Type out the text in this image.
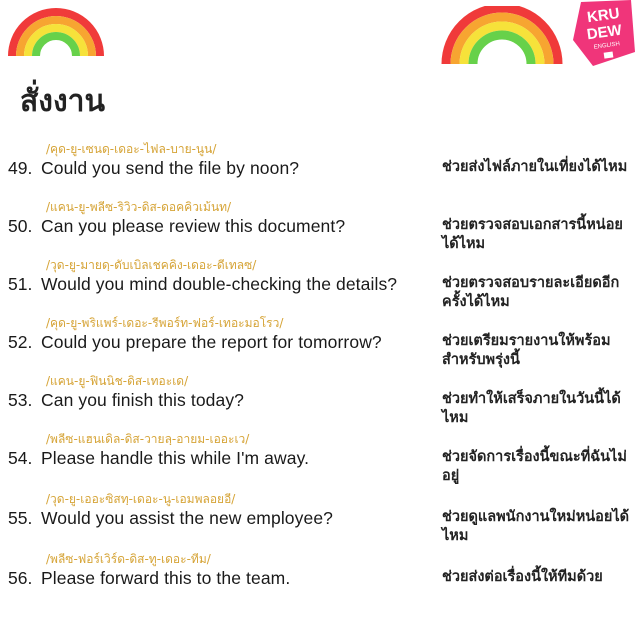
KRU
DEW
ENGLISH
สั่งงาน
/คุด-ยู-เซนดฺ-เดอะ-ไฟล-บาย-นูน/
49. Could you send the file by noon?	ช่วยส่งไฟล์ภายในเที่ยงได้ไหม
/แคน-ยู-พลีซ-ริวิว-ดิส-ดอคคิวเม้นท/
50. Can you please review this document?	ช่วยตรวจสอบเอกสารนี้หน่อยได้ไหม
/วุด-ยู-มายดฺ-ดับเบิลเชคคิง-เดอะ-ดีเทลซ/
51. Would you mind double-checking the details?	ช่วยตรวจสอบรายละเอียดอีกครั้งได้ไหม
/คุด-ยู-พริแพร์-เดอะ-รีพอร์ท-ฟอร์-เทอะมอโรว/
52. Could you prepare the report for tomorrow?	ช่วยเตรียมรายงานให้พร้อมสำหรับพรุ่งนี้
/แคน-ยู-ฟินนิช-ดิส-เทอะเด/
53. Can you finish this today?	ช่วยทำให้เสร็จภายในวันนี้ได้ไหม
/พลีซ-แฮนเดิล-ดิส-วายลฺ-อายม-เออะเว/
54. Please handle this while I'm away.	ช่วยจัดการเรื่องนี้ขณะที่ฉันไม่อยู่
/วุด-ยู-เออะซิสทฺ-เดอะ-นู-เอมพลอยอี/
55. Would you assist the new employee?	ช่วยดูแลพนักงานใหม่หน่อยได้ไหม
/พลีซ-ฟอร์เวิร์ด-ดิส-ทู-เดอะ-ทีม/
56. Please forward this to the team.	ช่วยส่งต่อเรื่องนี้ให้ทีมด้วย
